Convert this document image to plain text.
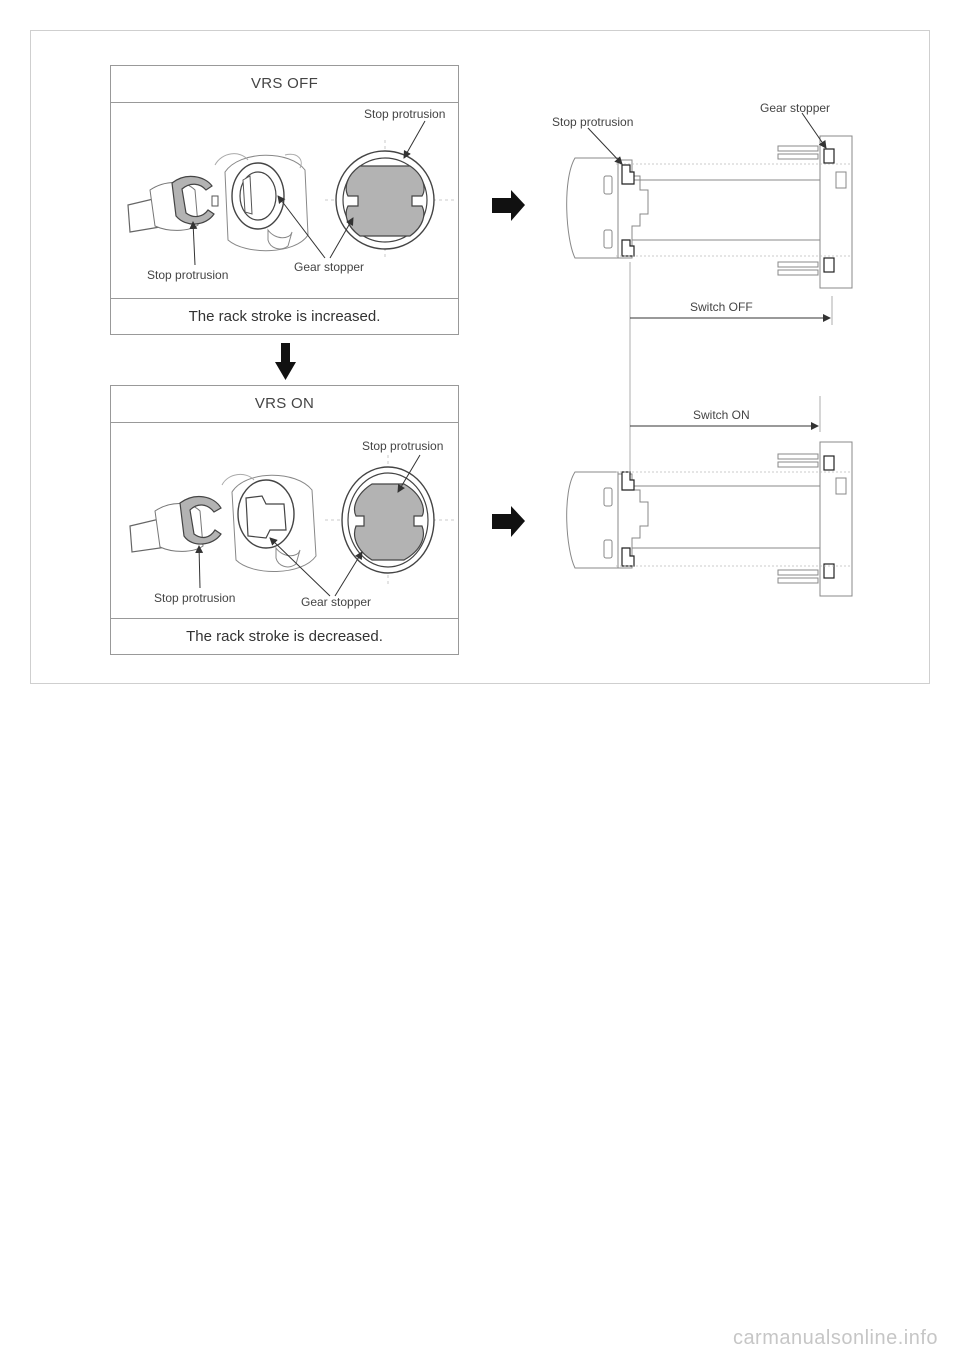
VRS OFF
The rack stroke is increased.
VRS ON
The rack stroke is decreased.
Stop protrusion
Stop protrusion
Gear stopper
Stop protrusion
Stop protrusion	Gear stopper
Stop protrusion
Gear stopper
Switch OFF
Switch ON
carmanualsonline.info
